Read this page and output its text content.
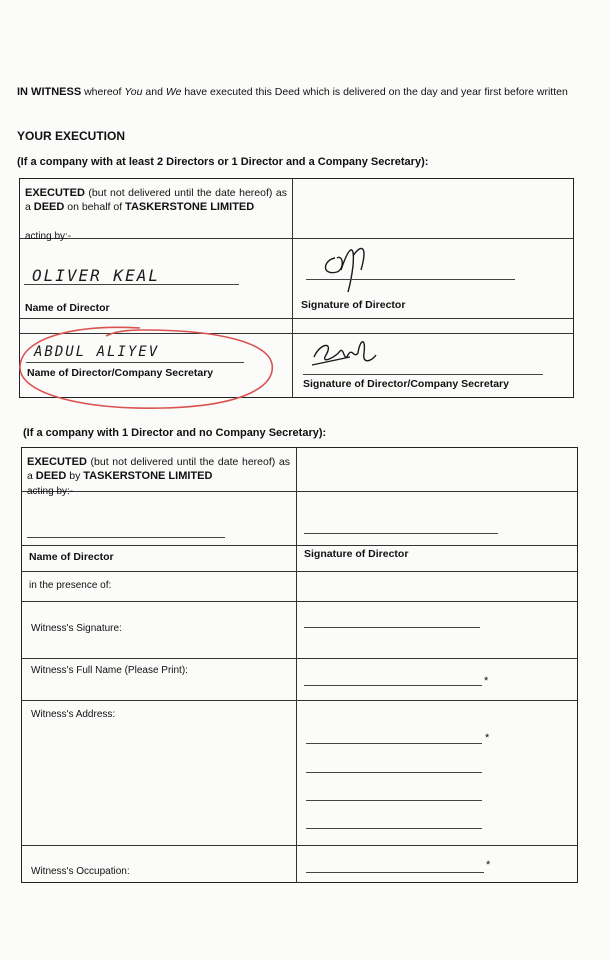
IN WITNESS whereof You and We have executed this Deed which is delivered on the day and year first before written
YOUR EXECUTION
(If a company with at least 2 Directors or 1 Director and a Company Secretary):
EXECUTED (but not delivered until the date hereof) as a DEED on behalf of TASKERSTONE LIMITED
acting by:-
OLIVER KEAL
Name of Director	Signature of Director
ABDUL ALIYEV
Name of Director/Company Secretary
Signature of Director/Company Secretary
(If a company with 1 Director and no Company Secretary):
EXECUTED (but not delivered until the date hereof) as a DEED by TASKERSTONE LIMITED
acting by:-
Name of Director	Signature of Director
in the presence of:
Witness's Signature:
Witness's Full Name (Please Print):
*
Witness's Address:
*
Witness's Occupation:
*
